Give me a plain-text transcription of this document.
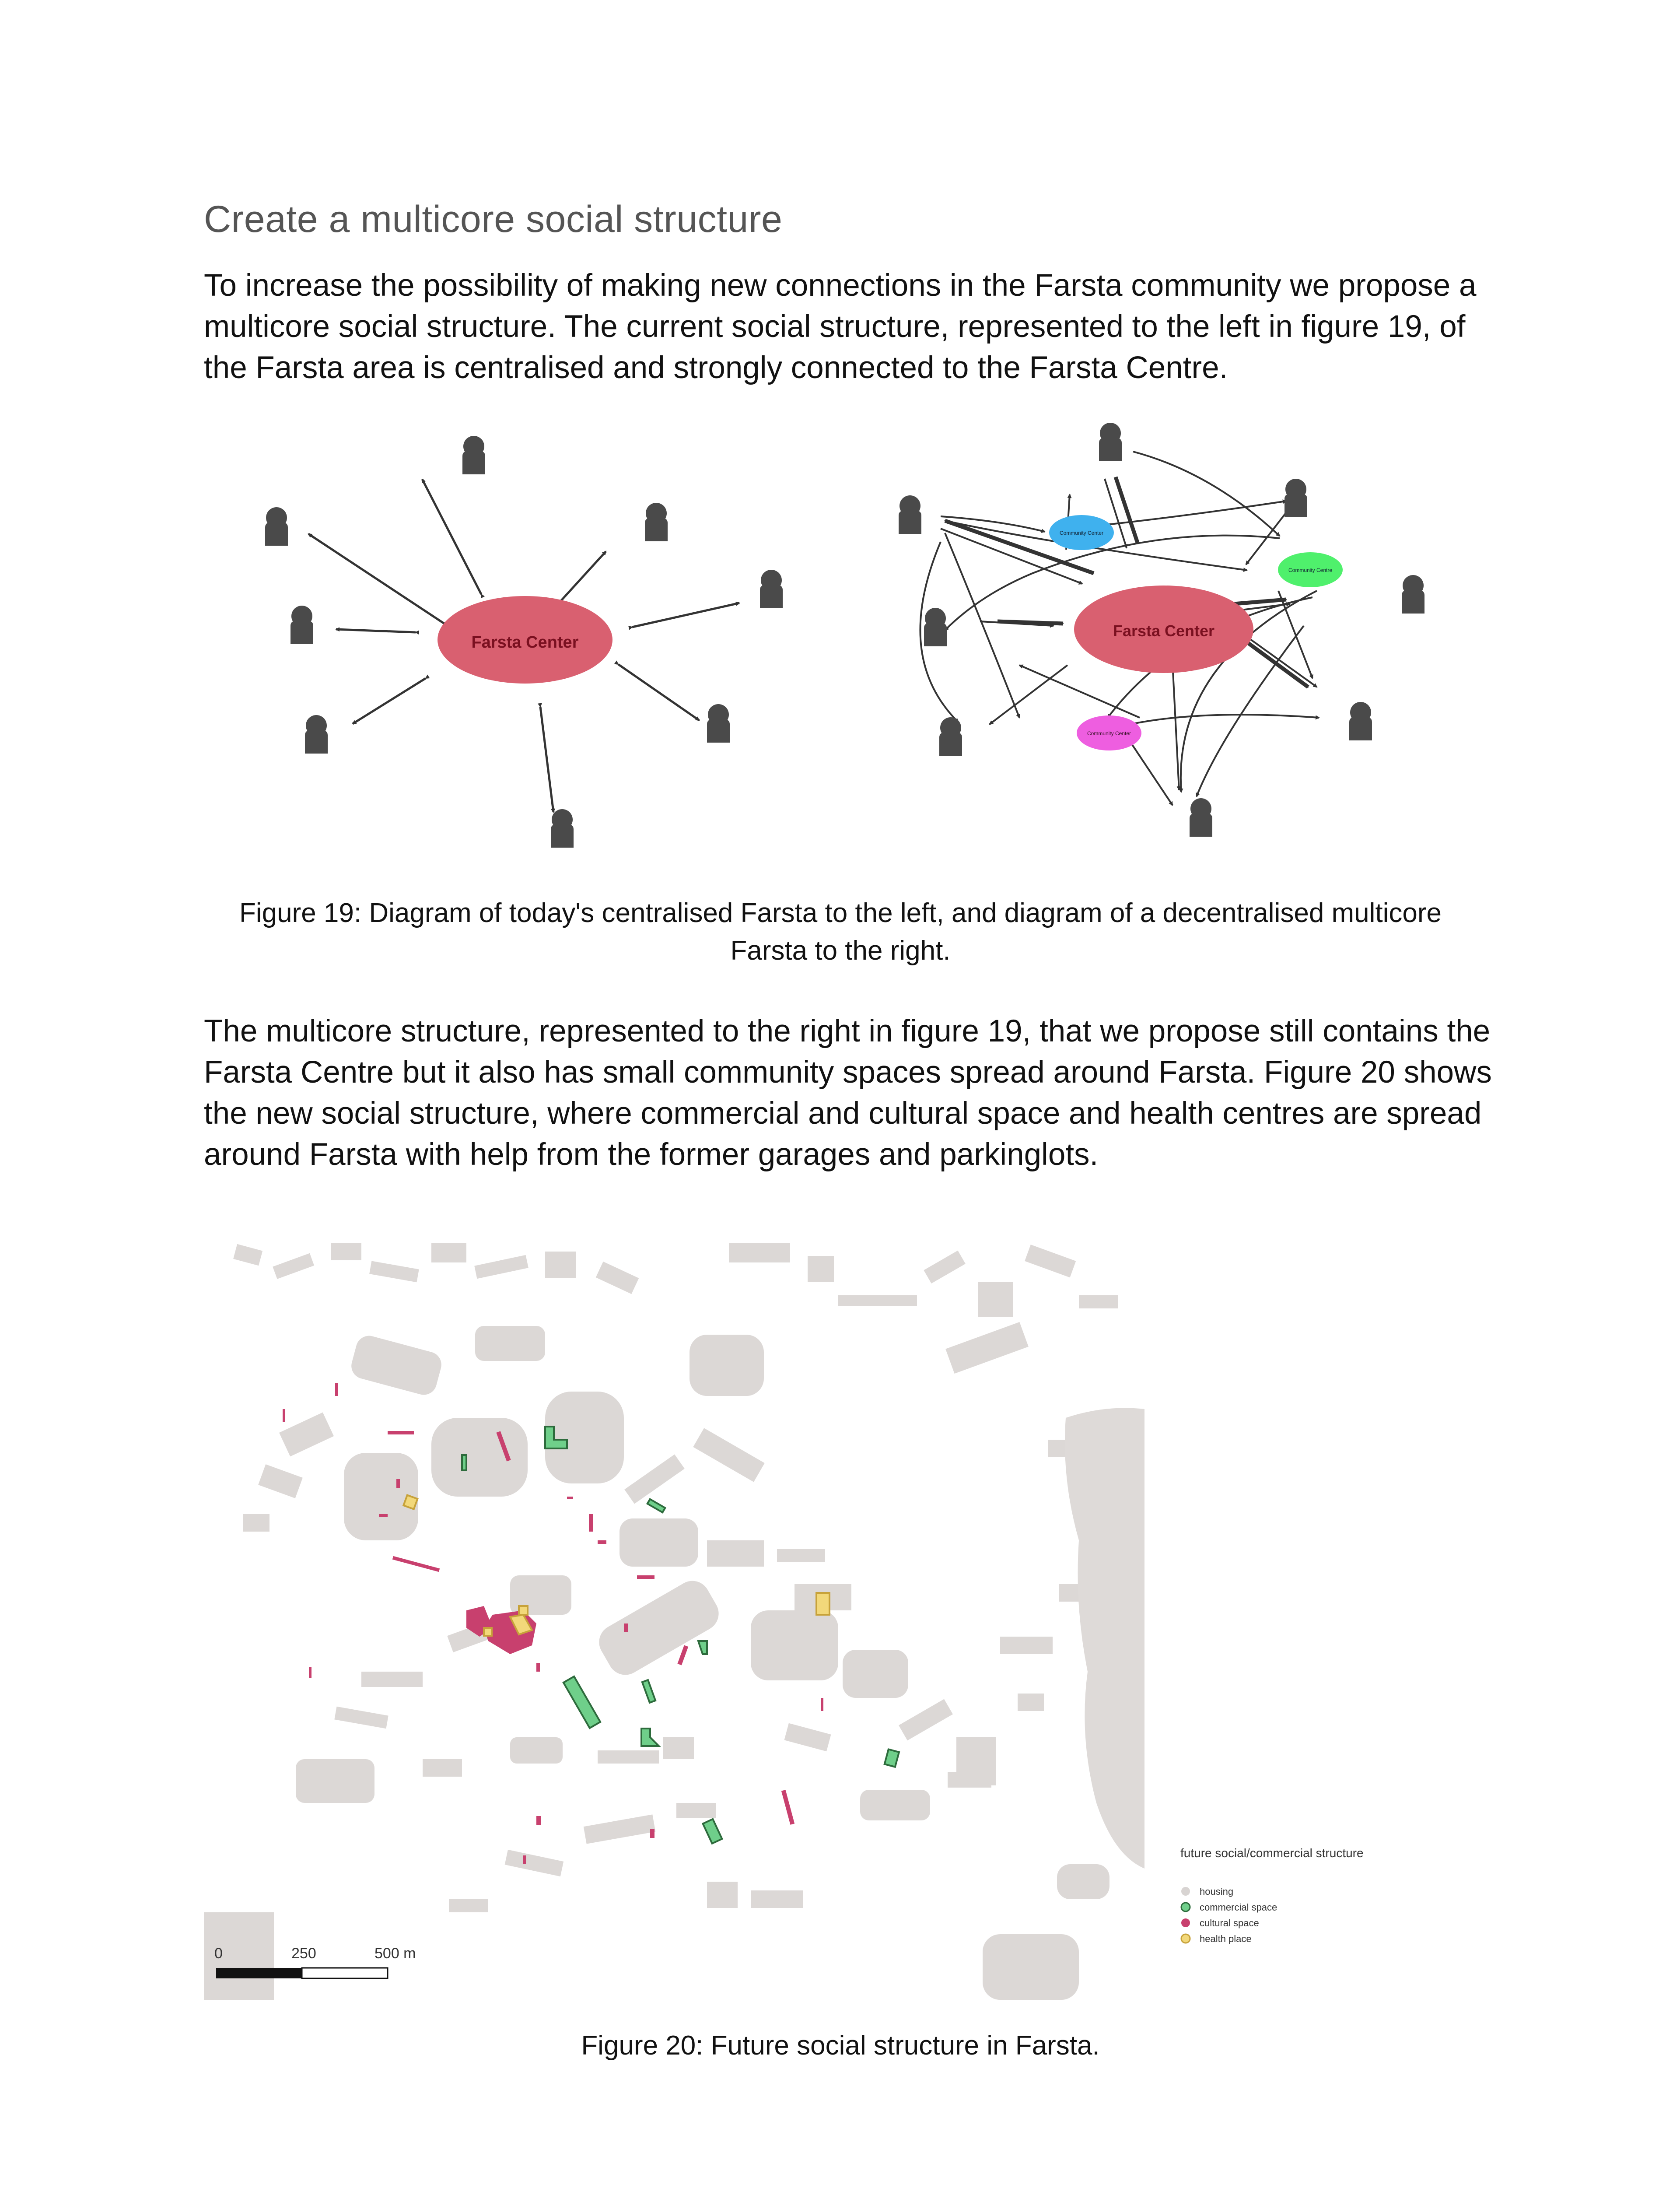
Create a multicore social structure

To increase the possibility of making new connections in the Farsta community we propose a multicore social structure. The current social structure, represented to the left in figure 19, of the Farsta area is centralised and strongly connected to the Farsta Centre.

Farsta Center
Farsta Center
Community Center
Community Centre
Community Center

Figure 19: Diagram of today's centralised Farsta to the left, and diagram of a decentralised multicore Farsta to the right.

The multicore structure, represented to the right in figure 19, that we propose still contains the Farsta Centre but it also has small community spaces spread around Farsta. Figure 20 shows the new social structure, where commercial and cultural space and health centres are spread around Farsta with help from the former garages and parkinglots.

0	250	500 m
future social/commercial structure
housing
commercial space
cultural space
health place

Figure 20: Future social structure in Farsta.
